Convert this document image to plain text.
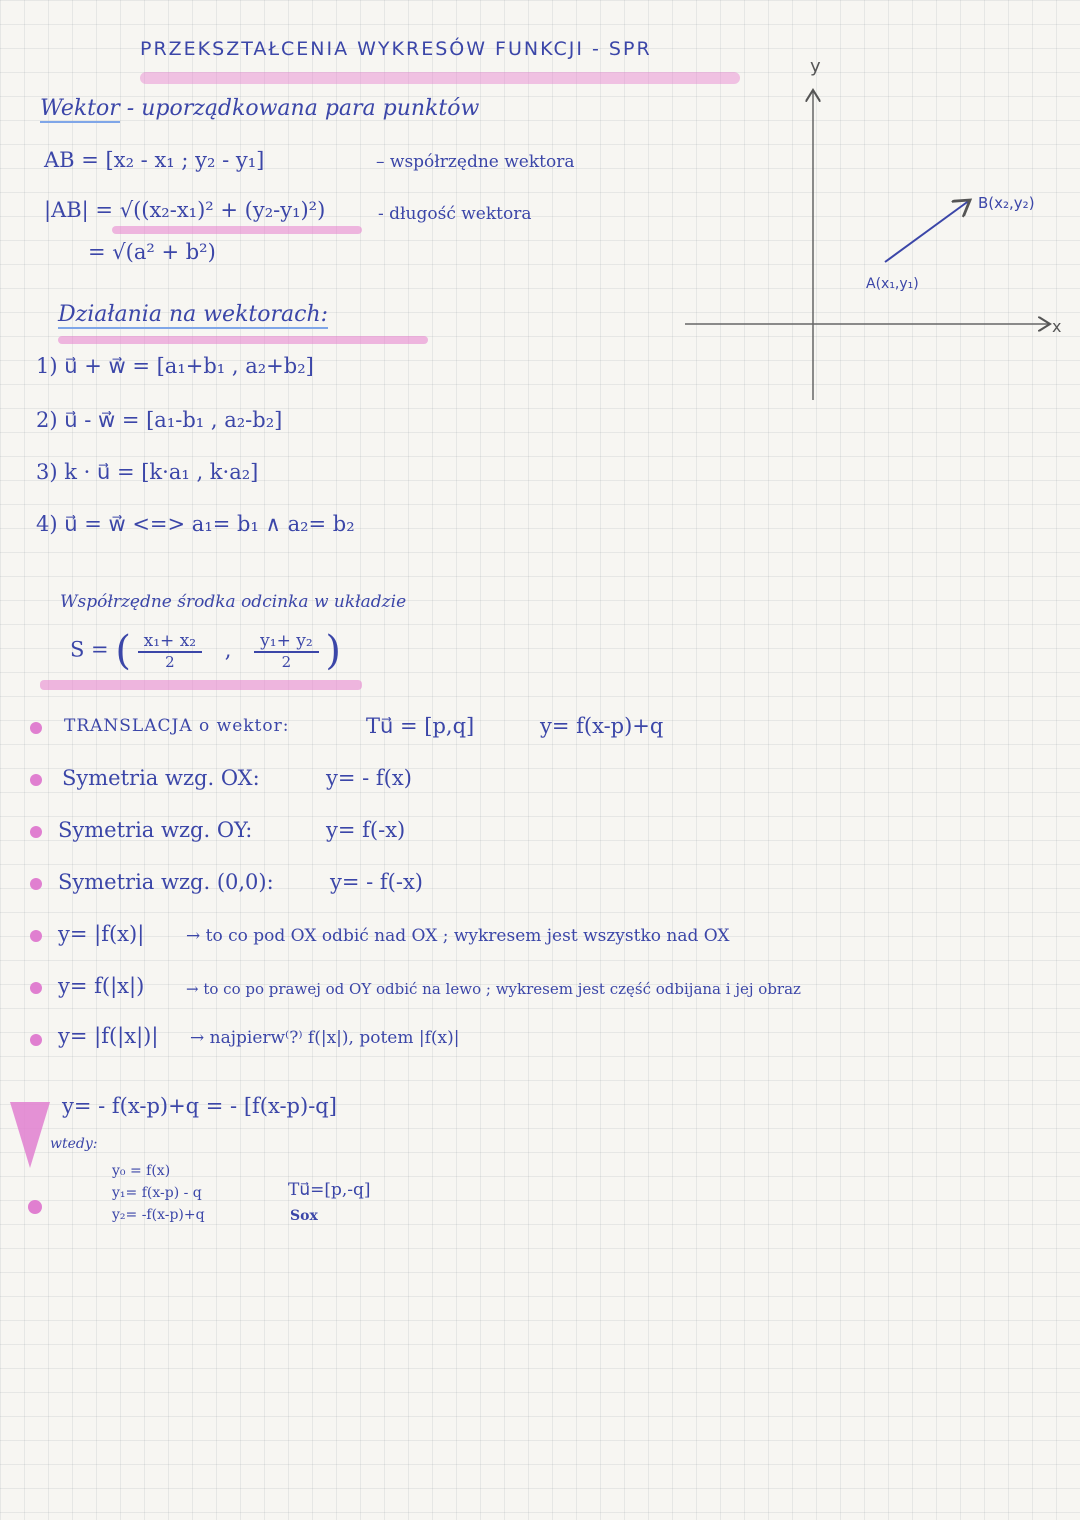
PRZEKSZTAŁCENIA WYKRESÓW FUNKCJI - SPR
Wektor - uporządkowana para punktów
AB = [x₂ - x₁ ; y₂ - y₁]	– współrzędne wektora
|AB| = √((x₂-x₁)² + (y₂-y₁)²)	- długość wektora
= √(a² + b²)
y
x
A(x₁,y₁)
B(x₂,y₂)
Działania na wektorach:
1) u⃗ + w⃗ = [a₁+b₁ , a₂+b₂]
2) u⃗ - w⃗ = [a₁-b₁ , a₂-b₂]
3) k · u⃗ = [k·a₁ , k·a₂]
4) u⃗ = w⃗ <=> a₁= b₁ ∧ a₂= b₂
Współrzędne środka odcinka w układzie
S = ( $\frac{\text{x₁+ x₂}}{2}$ , $\frac{\text{y₁+ y₂}}{2}$ )
TRANSLACJA o wektor:	Tu⃗ = [p,q]	y= f(x-p)+q
Symetria wzg. OX:	y= - f(x)
Symetria wzg. OY:	y= f(-x)
Symetria wzg. (0,0):	y= - f(-x)
y= |f(x)| → to co pod OX odbić nad OX ; wykresem jest wszystko nad OX
y= f(|x|)	→ to co po prawej od OY odbić na lewo ; wykresem jest część odbijana i jej obraz
y= |f(|x|)| → najpierw⁽?⁾ f(|x|), potem |f(x)|
y= - f(x-p)+q = - [f(x-p)-q]
wtedy:
y₀ = f(x)
y₁= f(x-p) - q
y₂= -f(x-p)+q
Tu⃗=[p,-q]
Sox
